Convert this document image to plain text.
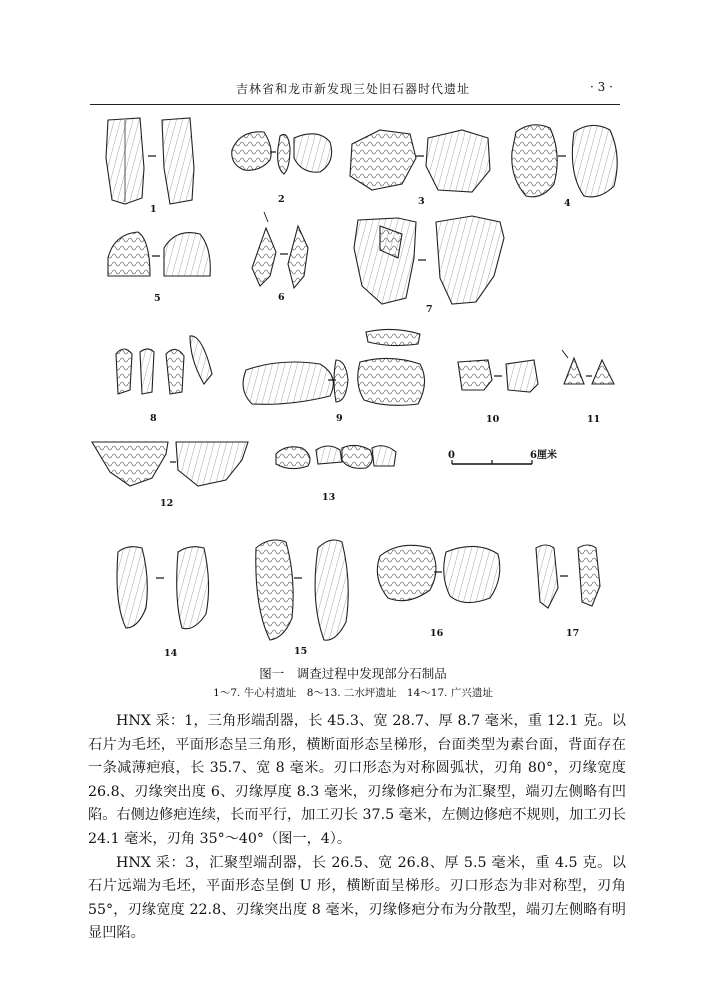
吉林省和龙市新发现三处旧石器时代遗址	· 3 ·
1
2	3	4
5	6
7
8	9	10	11
12
13
0	6厘米
14	15
16	17
图一　调查过程中发现部分石制品
1～7. 牛心村遗址　8～13. 二水坪遗址　14～17. 广兴遗址

HNX 采：1，三角形端刮器，长 45.3、宽 28.7、厚 8.7 毫米，重 12.1 克。以石片为毛坯，平面形态呈三角形，横断面形态呈梯形，台面类型为素台面，背面存在一条减薄疤痕，长 35.7、宽 8 毫米。刃口形态为对称圆弧状，刃角 80°，刃缘宽度 26.8、刃缘突出度 6、刃缘厚度 8.3 毫米，刃缘修疤分布为汇聚型，端刃左侧略有凹陷。右侧边修疤连续，长而平行，加工刃长 37.5 毫米，左侧边修疤不规则，加工刃长 24.1 毫米，刃角 35°～40°（图一，4）。

HNX 采：3，汇聚型端刮器，长 26.5、宽 26.8、厚 5.5 毫米，重 4.5 克。以石片远端为毛坯，平面形态呈倒 U 形，横断面呈梯形。刃口形态为非对称型，刃角 55°，刃缘宽度 22.8、刃缘突出度 8 毫米，刃缘修疤分布为分散型，端刃左侧略有明显凹陷。
